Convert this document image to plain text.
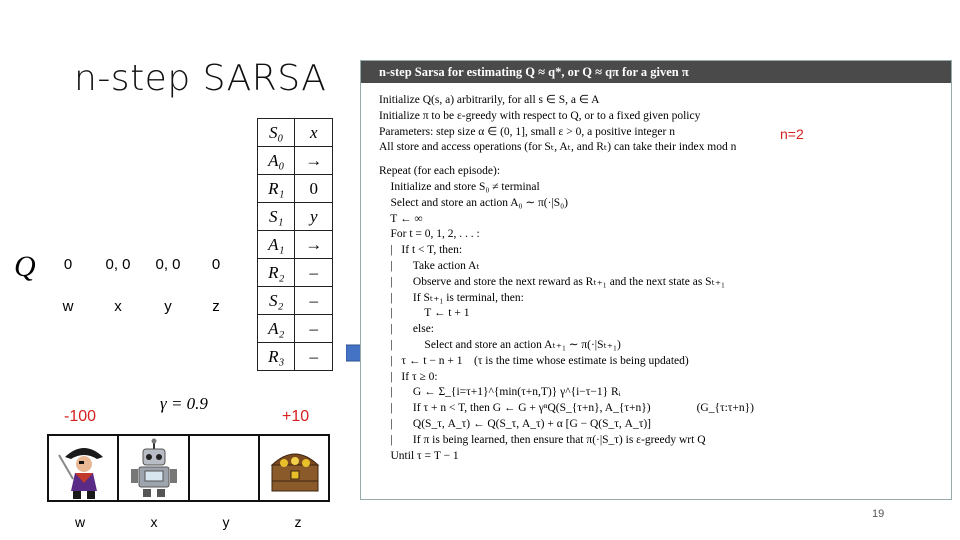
n-step SARSA
Q	0	0, 0	0, 0	0
w	x	y	z
S₀	x
A₀	→
R₁	0
S₁	y
A₁	→
R₂	–
S₂	–
A₂	–
R₃	–
γ = 0.9
-100	+10
w	x	y	z
n-step Sarsa for estimating Q ≈ q*, or Q ≈ qπ for a given π
Initialize Q(s, a) arbitrarily, for all s ∈ S, a ∈ A
Initialize π to be ε-greedy with respect to Q, or to a fixed given policy
Parameters: step size α ∈ (0, 1], small ε > 0, a positive integer n
All store and access operations (for Sₜ, Aₜ, and Rₜ) can take their index mod n
Repeat (for each episode):
Initialize and store S₀ ≠ terminal
Select and store an action A₀ ∼ π(·|S₀)
T ← ∞
For t = 0, 1, 2, . . . :
|   If t < T, then:
|       Take action Aₜ
|       Observe and store the next reward as Rₜ₊₁ and the next state as Sₜ₊₁
|       If Sₜ₊₁ is terminal, then:
|           T ← t + 1
|       else:
|           Select and store an action Aₜ₊₁ ∼ π(·|Sₜ₊₁)
|   τ ← t − n + 1    (τ is the time whose estimate is being updated)
|   If τ ≥ 0:
|       G ← Σ_{i=τ+1}^{min(τ+n,T)} γ^{i−τ−1} Rᵢ
|       If τ + n < T, then G ← G + γⁿQ(S_{τ+n}, A_{τ+n})                (G_{τ:τ+n})
|       Q(S_τ, A_τ) ← Q(S_τ, A_τ) + α [G − Q(S_τ, A_τ)]
|       If π is being learned, then ensure that π(·|S_τ) is ε-greedy wrt Q
Until τ = T − 1
n=2
19
